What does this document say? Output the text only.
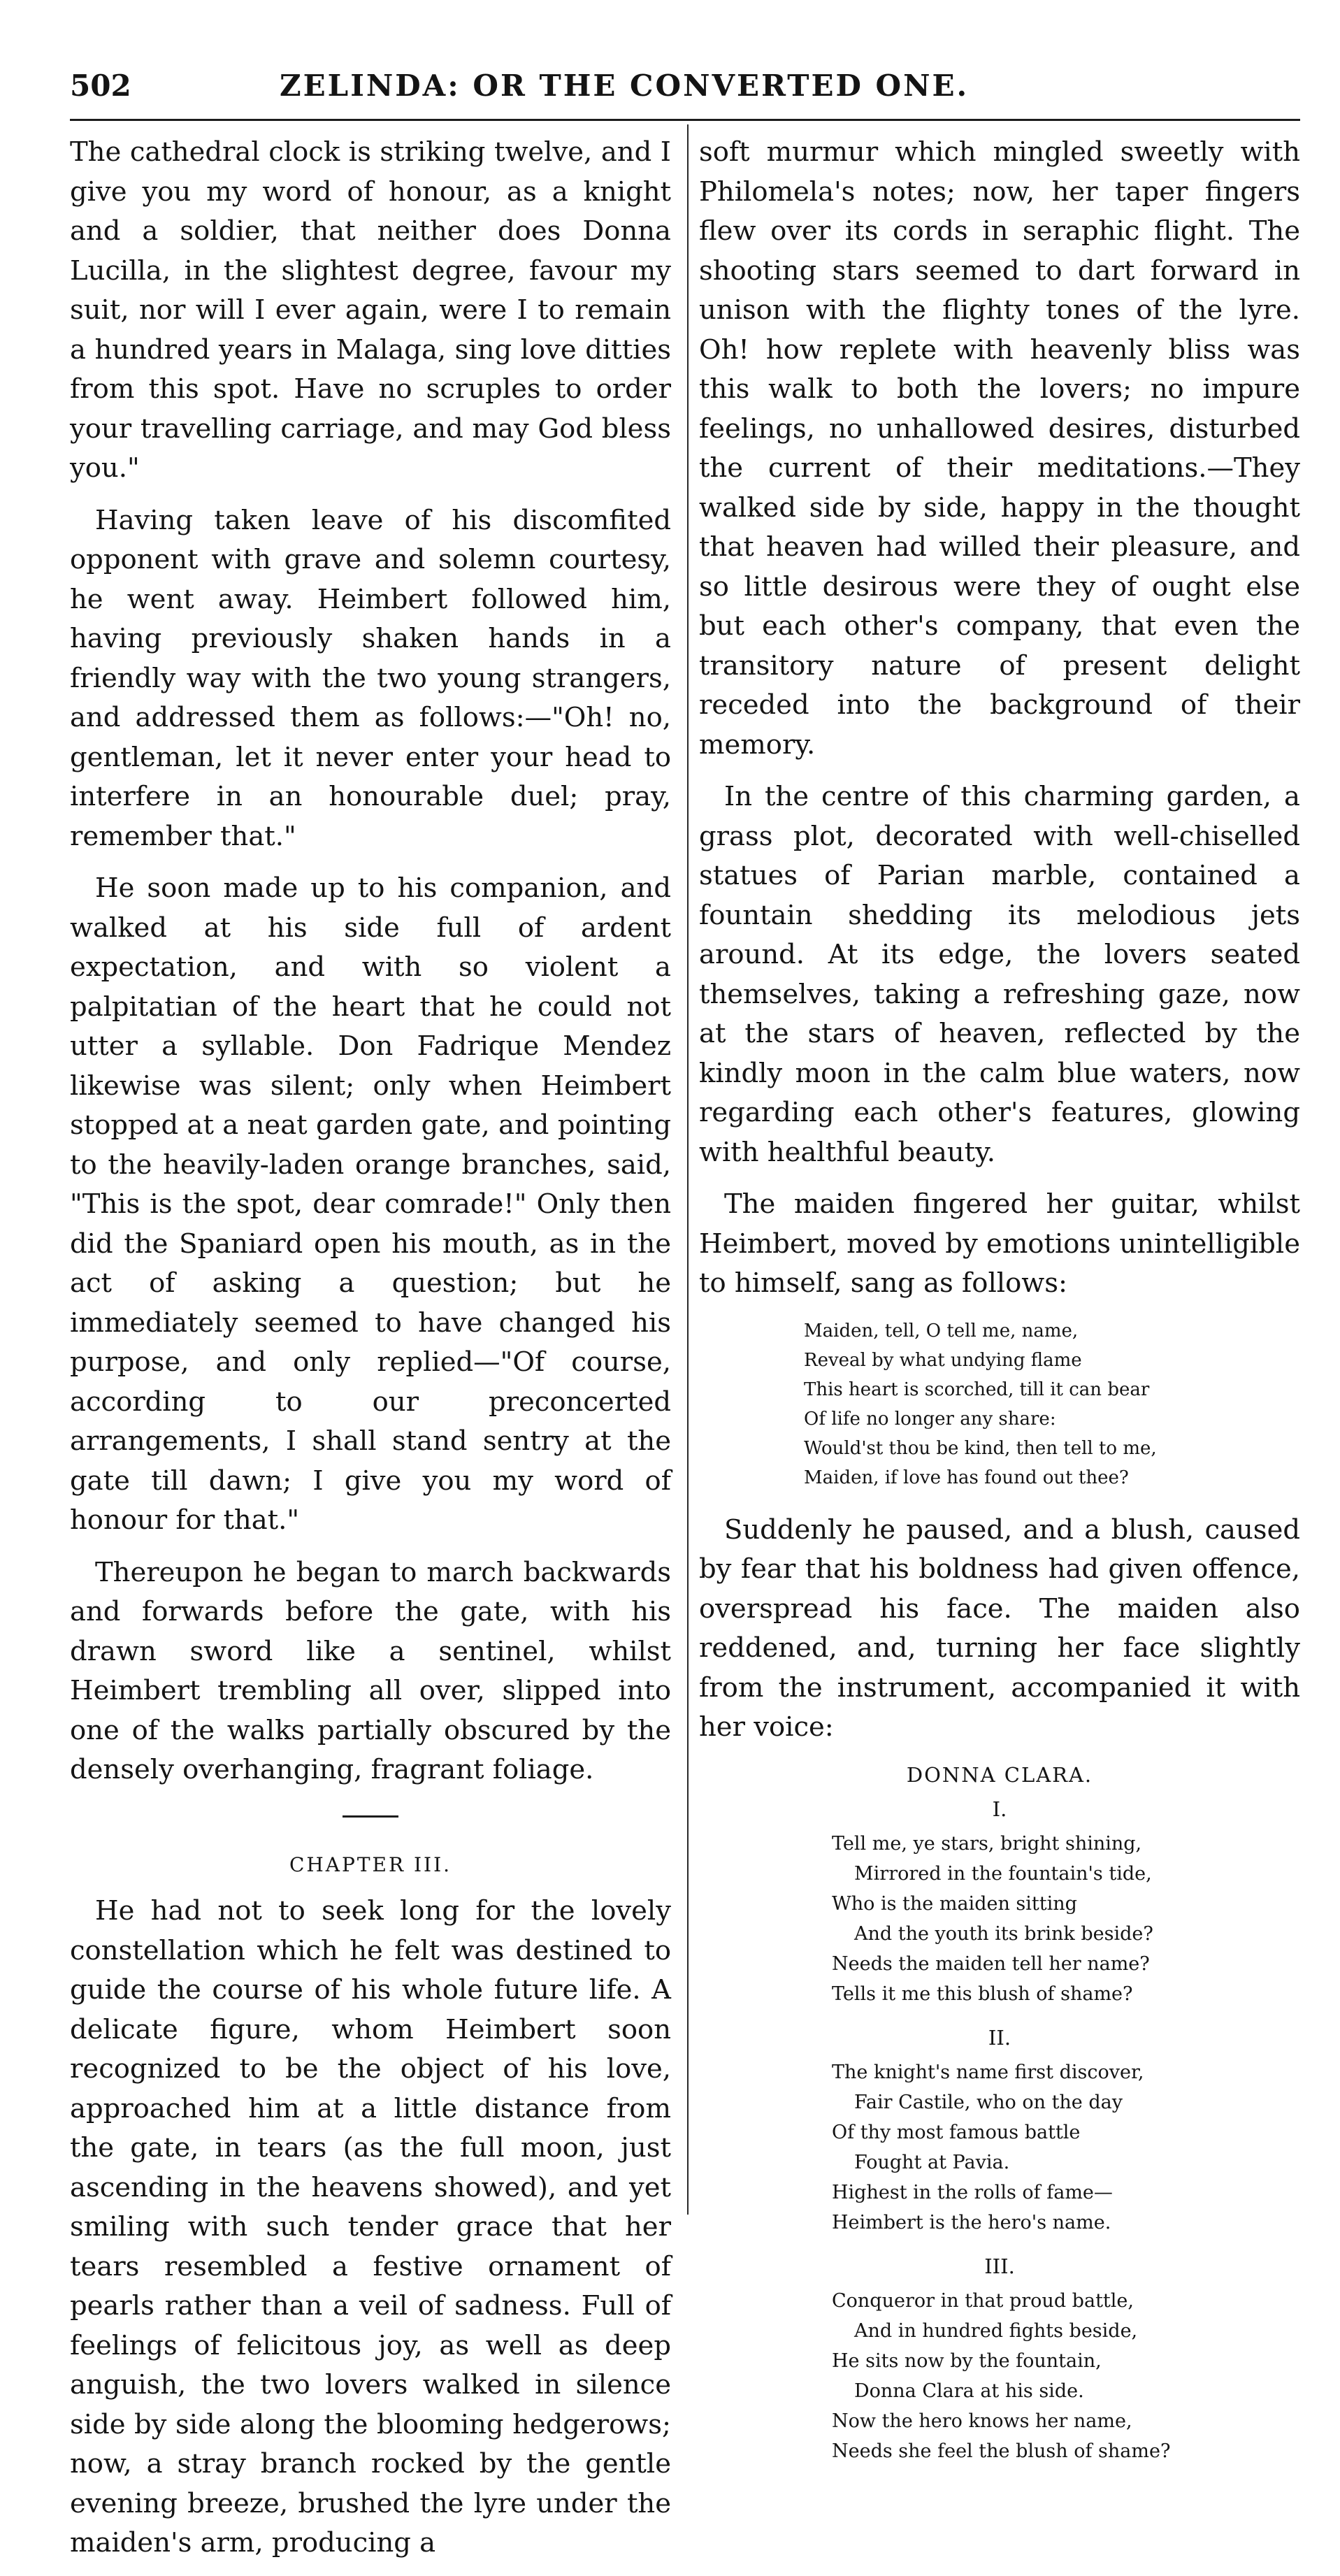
502	ZELINDA: OR THE CONVERTED ONE.

The cathedral clock is striking twelve, and I give you my word of honour, as a knight and a soldier, that neither does Donna Lucilla, in the slightest degree, favour my suit, nor will I ever again, were I to remain a hundred years in Malaga, sing love ditties from this spot. Have no scruples to order your travelling carriage, and may God bless you."

Having taken leave of his discomfited opponent with grave and solemn courtesy, he went away. Heimbert followed him, having previously shaken hands in a friendly way with the two young strangers, and addressed them as follows:—"Oh! no, gentleman, let it never enter your head to interfere in an honourable duel; pray, remember that."

He soon made up to his companion, and walked at his side full of ardent expectation, and with so violent a palpitatian of the heart that he could not utter a syllable. Don Fadrique Mendez likewise was silent; only when Heimbert stopped at a neat garden gate, and pointing to the heavily-laden orange branches, said, "This is the spot, dear comrade!" Only then did the Spaniard open his mouth, as in the act of asking a question; but he immediately seemed to have changed his purpose, and only replied—"Of course, according to our preconcerted arrangements, I shall stand sentry at the gate till dawn; I give you my word of honour for that."

Thereupon he began to march backwards and forwards before the gate, with his drawn sword like a sentinel, whilst Heimbert trembling all over, slipped into one of the walks partially obscured by the densely overhanging, fragrant foliage.

CHAPTER III.

He had not to seek long for the lovely constellation which he felt was destined to guide the course of his whole future life. A delicate figure, whom Heimbert soon recognized to be the object of his love, approached him at a little distance from the gate, in tears (as the full moon, just ascending in the heavens showed), and yet smiling with such tender grace that her tears resembled a festive ornament of pearls rather than a veil of sadness. Full of feelings of felicitous joy, as well as deep anguish, the two lovers walked in silence side by side along the blooming hedgerows; now, a stray branch rocked by the gentle evening breeze, brushed the lyre under the maiden's arm, producing a

soft murmur which mingled sweetly with Philomela's notes; now, her taper fingers flew over its cords in seraphic flight. The shooting stars seemed to dart forward in unison with the flighty tones of the lyre. Oh! how replete with heavenly bliss was this walk to both the lovers; no impure feelings, no unhallowed desires, disturbed the current of their meditations.—They walked side by side, happy in the thought that heaven had willed their pleasure, and so little desirous were they of ought else but each other's company, that even the transitory nature of present delight receded into the background of their memory.

In the centre of this charming garden, a grass plot, decorated with well-chiselled statues of Parian marble, contained a fountain shedding its melodious jets around. At its edge, the lovers seated themselves, taking a refreshing gaze, now at the stars of heaven, reflected by the kindly moon in the calm blue waters, now regarding each other's features, glowing with healthful beauty.

The maiden fingered her guitar, whilst Heimbert, moved by emotions unintelligible to himself, sang as follows:

Maiden, tell, O tell me, name,
Reveal by what undying flame
This heart is scorched, till it can bear
Of life no longer any share:
Would'st thou be kind, then tell to me,
Maiden, if love has found out thee?

Suddenly he paused, and a blush, caused by fear that his boldness had given offence, overspread his face. The maiden also reddened, and, turning her face slightly from the instrument, accompanied it with her voice:

DONNA CLARA.
I.
Tell me, ye stars, bright shining,
Mirrored in the fountain's tide,
Who is the maiden sitting
And the youth its brink beside?
Needs the maiden tell her name?
Tells it me this blush of shame?
II.
The knight's name first discover,
Fair Castile, who on the day
Of thy most famous battle
Fought at Pavia.
Highest in the rolls of fame—
Heimbert is the hero's name.
III.
Conqueror in that proud battle,
And in hundred fights beside,
He sits now by the fountain,
Donna Clara at his side.
Now the hero knows her name,
Needs she feel the blush of shame?
